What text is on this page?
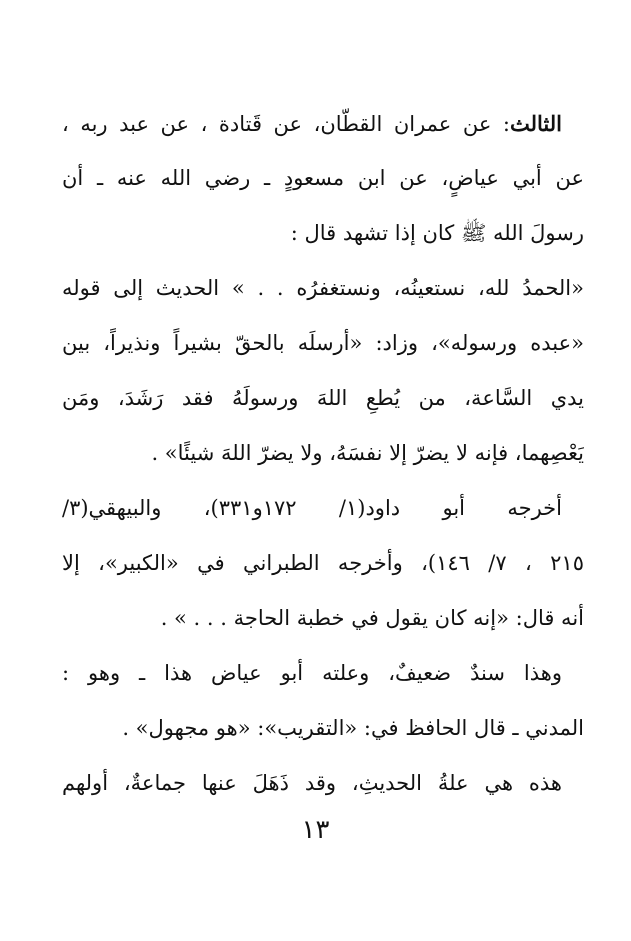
الثالث: عن عمران القطّان، عن قَتادة ، عن عبد ربه ،
عن أبي عياضٍ، عن ابن مسعودٍ ـ رضي الله عنه ـ أن
رسولَ الله ﷺ كان إذا تشهد قال :
«الحمدُ لله، نستعينُه، ونستغفرُه . . » الحديث إلى قوله
«عبده ورسوله»، وزاد: «أرسلَه بالحقّ بشيراً ونذيراً، بين
يدي السَّاعة، من يُطعِ اللهَ ورسولَهُ فقد رَشَدَ، ومَن
يَعْصِهما، فإنه لا يضرّ إلا نفسَهُ، ولا يضرّ اللهَ شيئًا» .
أخرجه أبو داود(١/ ١٧٢و٣٣١)، والبيهقي(٣/
٢١٥ ، ٧/ ١٤٦)، وأخرجه الطبراني في «الكبير»، إلا
أنه قال: «إنه كان يقول في خطبة الحاجة . . . » .
وهذا سندٌ ضعيفٌ، وعلته أبو عياض هذا ـ وهو :
المدني ـ قال الحافظ في: «التقريب»: «هو مجهول» .
هذه هي علةُ الحديثِ، وقد ذَهَلَ عنها جماعةٌ، أولهم
١٣
